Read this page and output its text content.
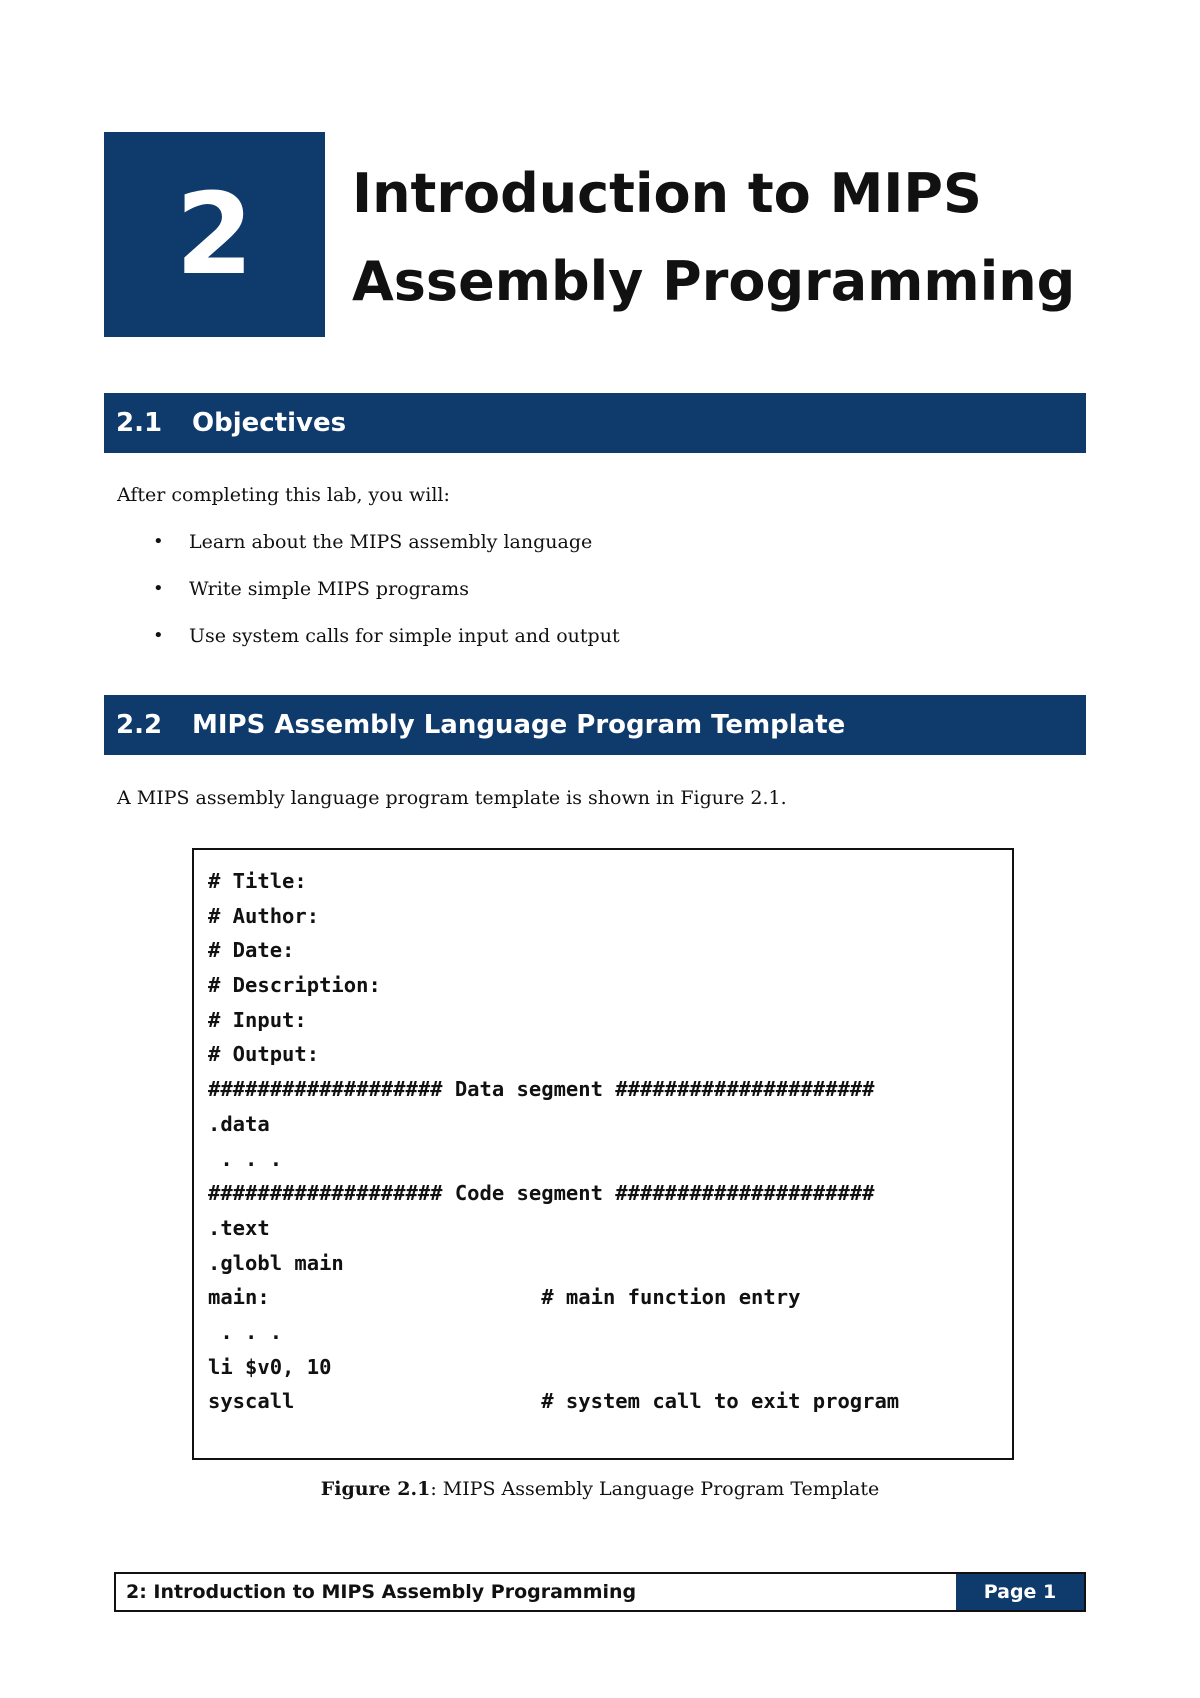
2 Introduction to MIPS
Assembly Programming
2.1	Objectives
After completing this lab, you will:
• Learn about the MIPS assembly language
• Write simple MIPS programs
• Use system calls for simple input and output
2.2	MIPS Assembly Language Program Template
A MIPS assembly language program template is shown in Figure 2.1.
# Title:
# Author:
# Date:
# Description:
# Input:
# Output:
################### Data segment #####################
.data
. . .
################### Code segment #####################
.text
.globl main
main:                      # main function entry
. . .
li $v0, 10
syscall                    # system call to exit program
Figure 2.1: MIPS Assembly Language Program Template
2: Introduction to MIPS Assembly Programming	Page 1
